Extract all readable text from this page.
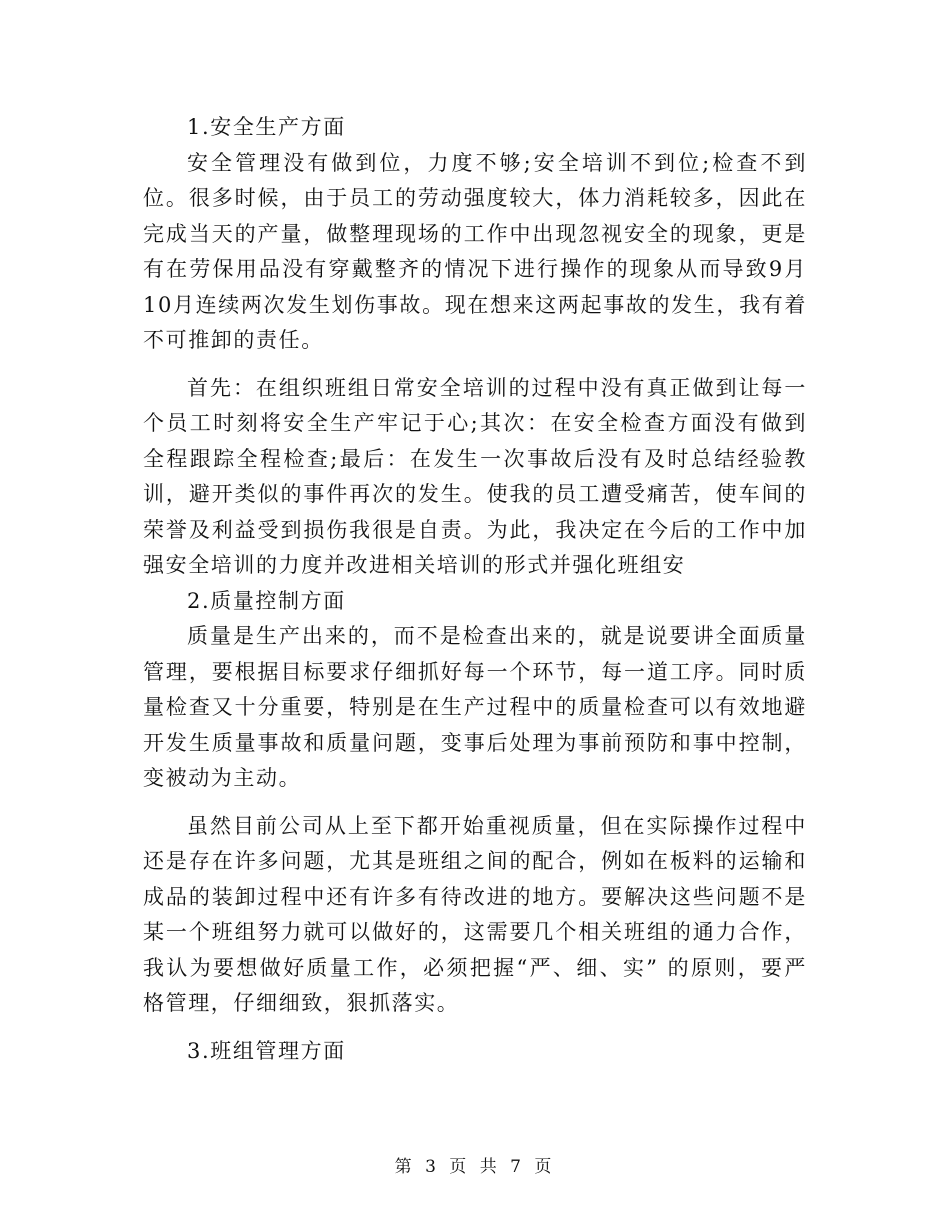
1.安全生产方面

安全管理没有做到位，力度不够;安全培训不到位;检查不到位。很多时候，由于员工的劳动强度较大，体力消耗较多，因此在完成当天的产量，做整理现场的工作中出现忽视安全的现象，更是有在劳保用品没有穿戴整齐的情况下进行操作的现象从而导致9月10月连续两次发生划伤事故。现在想来这两起事故的发生，我有着不可推卸的责任。

首先：在组织班组日常安全培训的过程中没有真正做到让每一个员工时刻将安全生产牢记于心;其次：在安全检查方面没有做到全程跟踪全程检查;最后：在发生一次事故后没有及时总结经验教训，避开类似的事件再次的发生。使我的员工遭受痛苦，使车间的荣誉及利益受到损伤我很是自责。为此，我决定在今后的工作中加强安全培训的力度并改进相关培训的形式并强化班组安

2.质量控制方面

质量是生产出来的，而不是检查出来的，就是说要讲全面质量管理，要根据目标要求仔细抓好每一个环节，每一道工序。同时质量检查又十分重要，特别是在生产过程中的质量检查可以有效地避开发生质量事故和质量问题，变事后处理为事前预防和事中控制，变被动为主动。

虽然目前公司从上至下都开始重视质量，但在实际操作过程中还是存在许多问题，尤其是班组之间的配合，例如在板料的运输和成品的装卸过程中还有许多有待改进的地方。要解决这些问题不是某一个班组努力就可以做好的，这需要几个相关班组的通力合作，我认为要想做好质量工作，必须把握“严、细、实” 的原则，要严格管理，仔细细致，狠抓落实。

3.班组管理方面

第 3 页 共 7 页
